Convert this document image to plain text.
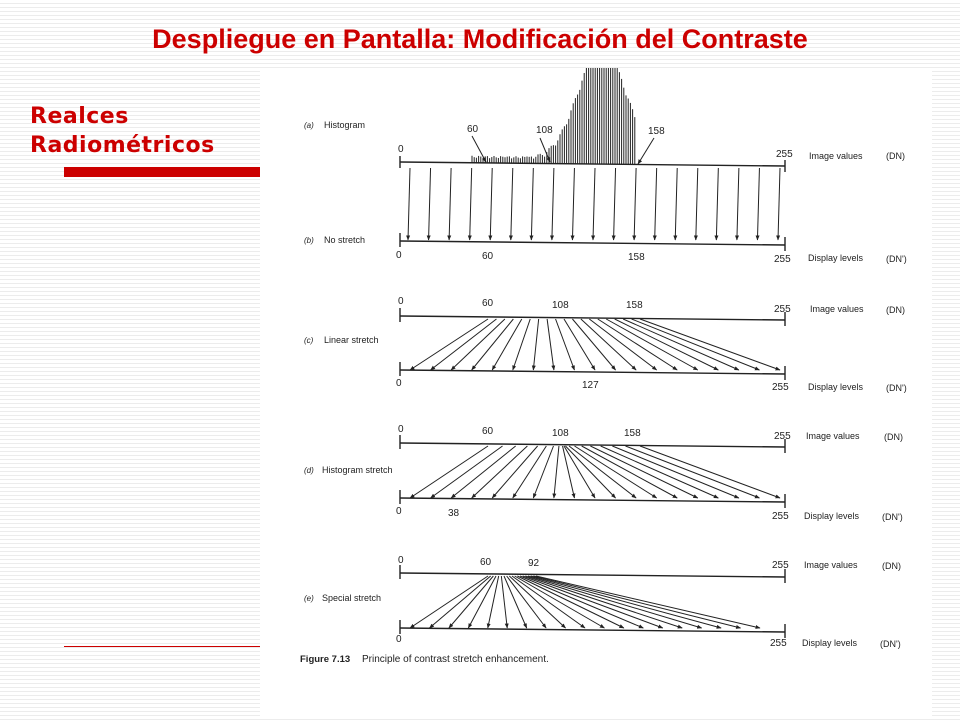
Despliegue en Pantalla: Modificación del Contraste
Realces
Radiométricos
(a) Histogram
0
60	108	158
255 Image values	(DN)
(b) No stretch
0	60	158	255 Display levels	(DN')
0	60	108	158	255 Image values (DN)
(c) Linear stretch
0	127	255 Display levels	(DN')
0	60	108	158	255 Image values	(DN)
(d) Histogram stretch
0	38	255 Display levels	(DN')
0	60	92	255 Image values	(DN)
(e) Special stretch
0	255 Display levels	(DN')
Figure 7.13 Principle of contrast stretch enhancement.
